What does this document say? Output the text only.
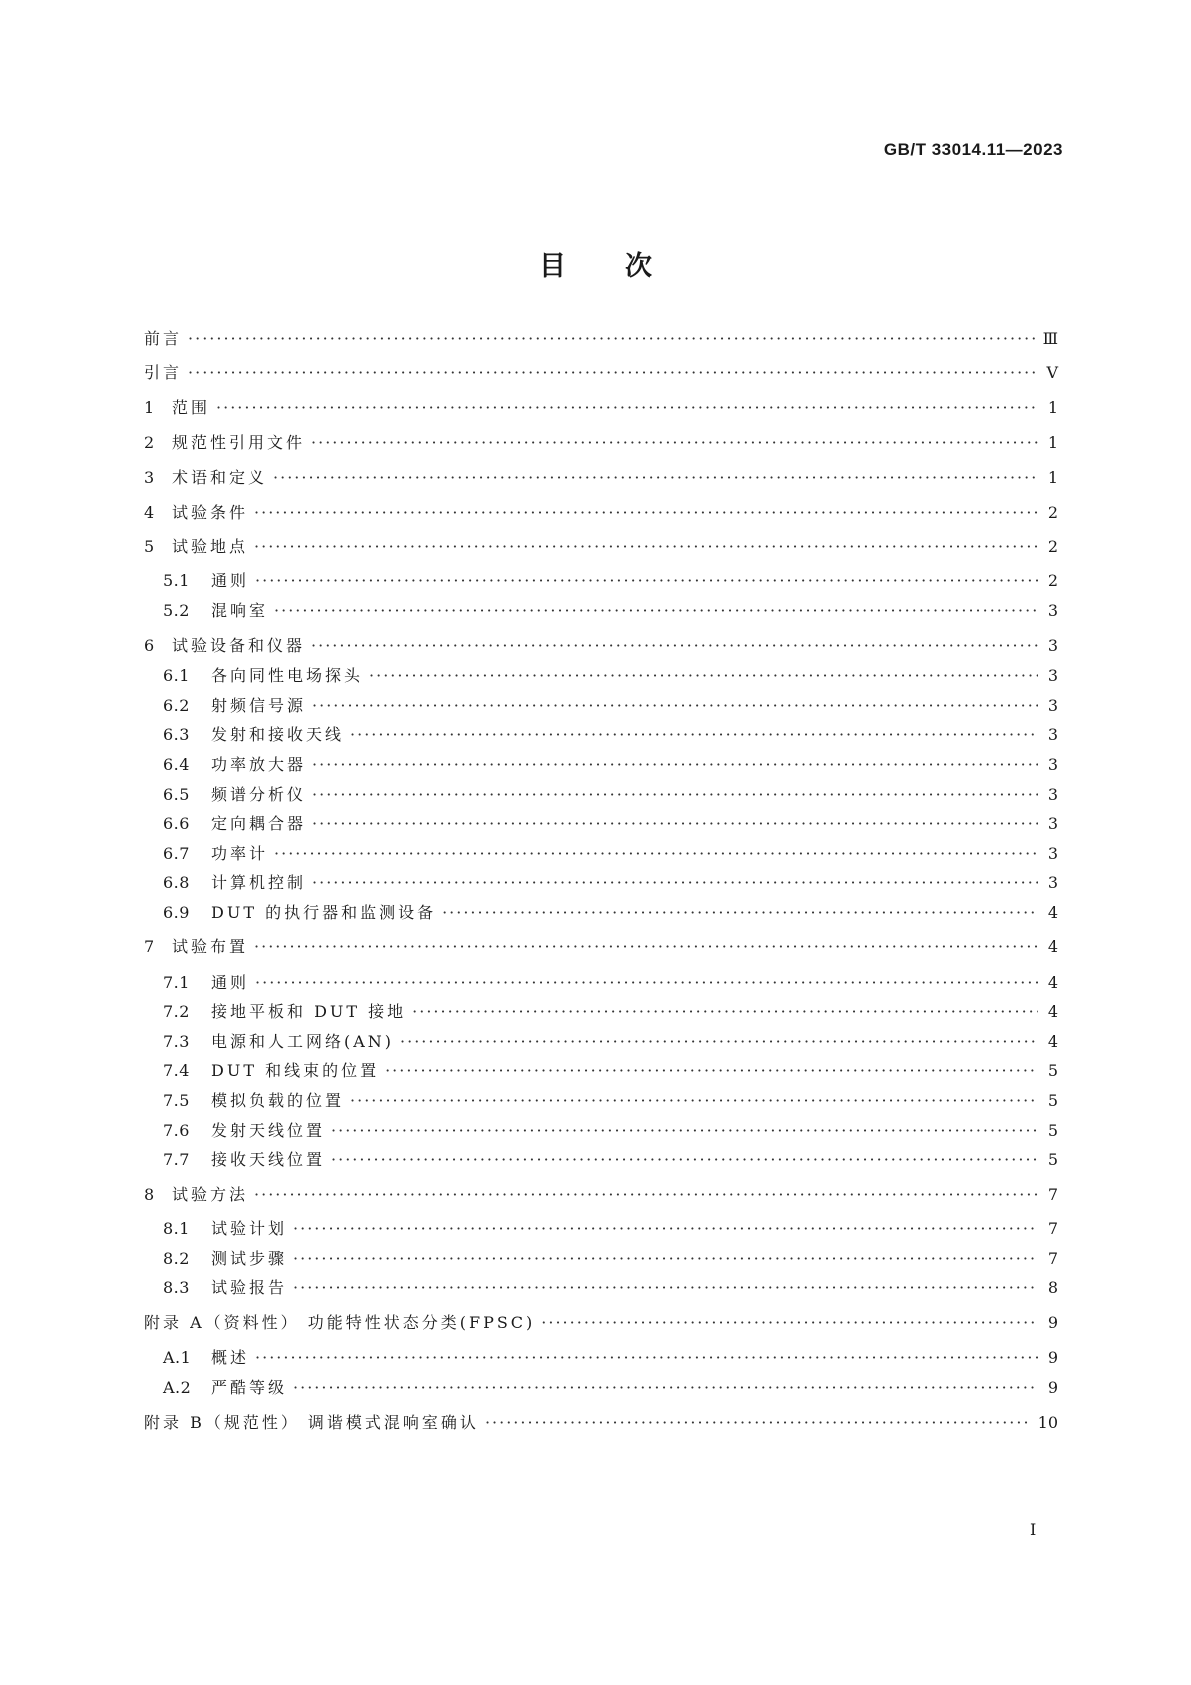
GB/T 33014.11—2023
目 次
前言 ·····	Ⅲ
引言 ·····	Ⅴ
1	范围 ·····	1
2	规范性引用文件 ·····	1
3	术语和定义 ·····	1
4	试验条件 ·····	2
5	试验地点 ·····	2
5.1	通则 ·····	2
5.2	混响室 ·····	3
6	试验设备和仪器 ·····	3
6.1	各向同性电场探头 ·····	3
6.2	射频信号源 ·····	3
6.3	发射和接收天线 ·····	3
6.4	功率放大器 ·····	3
6.5	频谱分析仪 ·····	3
6.6	定向耦合器 ·····	3
6.7	功率计 ·····	3
6.8	计算机控制 ·····	3
6.9	DUT 的执行器和监测设备 ·····	4
7	试验布置 ·····	4
7.1	通则 ·····	4
7.2	接地平板和 DUT 接地 ·····	4
7.3	电源和人工网络(AN) ·····	4
7.4	DUT 和线束的位置 ·····	5
7.5	模拟负载的位置 ·····	5
7.6	发射天线位置 ·····	5
7.7	接收天线位置 ·····	5
8	试验方法 ·····	7
8.1	试验计划 ·····	7
8.2	测试步骤 ·····	7
8.3	试验报告 ·····	8
附录 A（资料性） 功能特性状态分类(FPSC) ·····	9
A.1	概述 ·····	9
A.2	严酷等级 ·····	9
附录 B（规范性） 调谐模式混响室确认 ·····	10
I
